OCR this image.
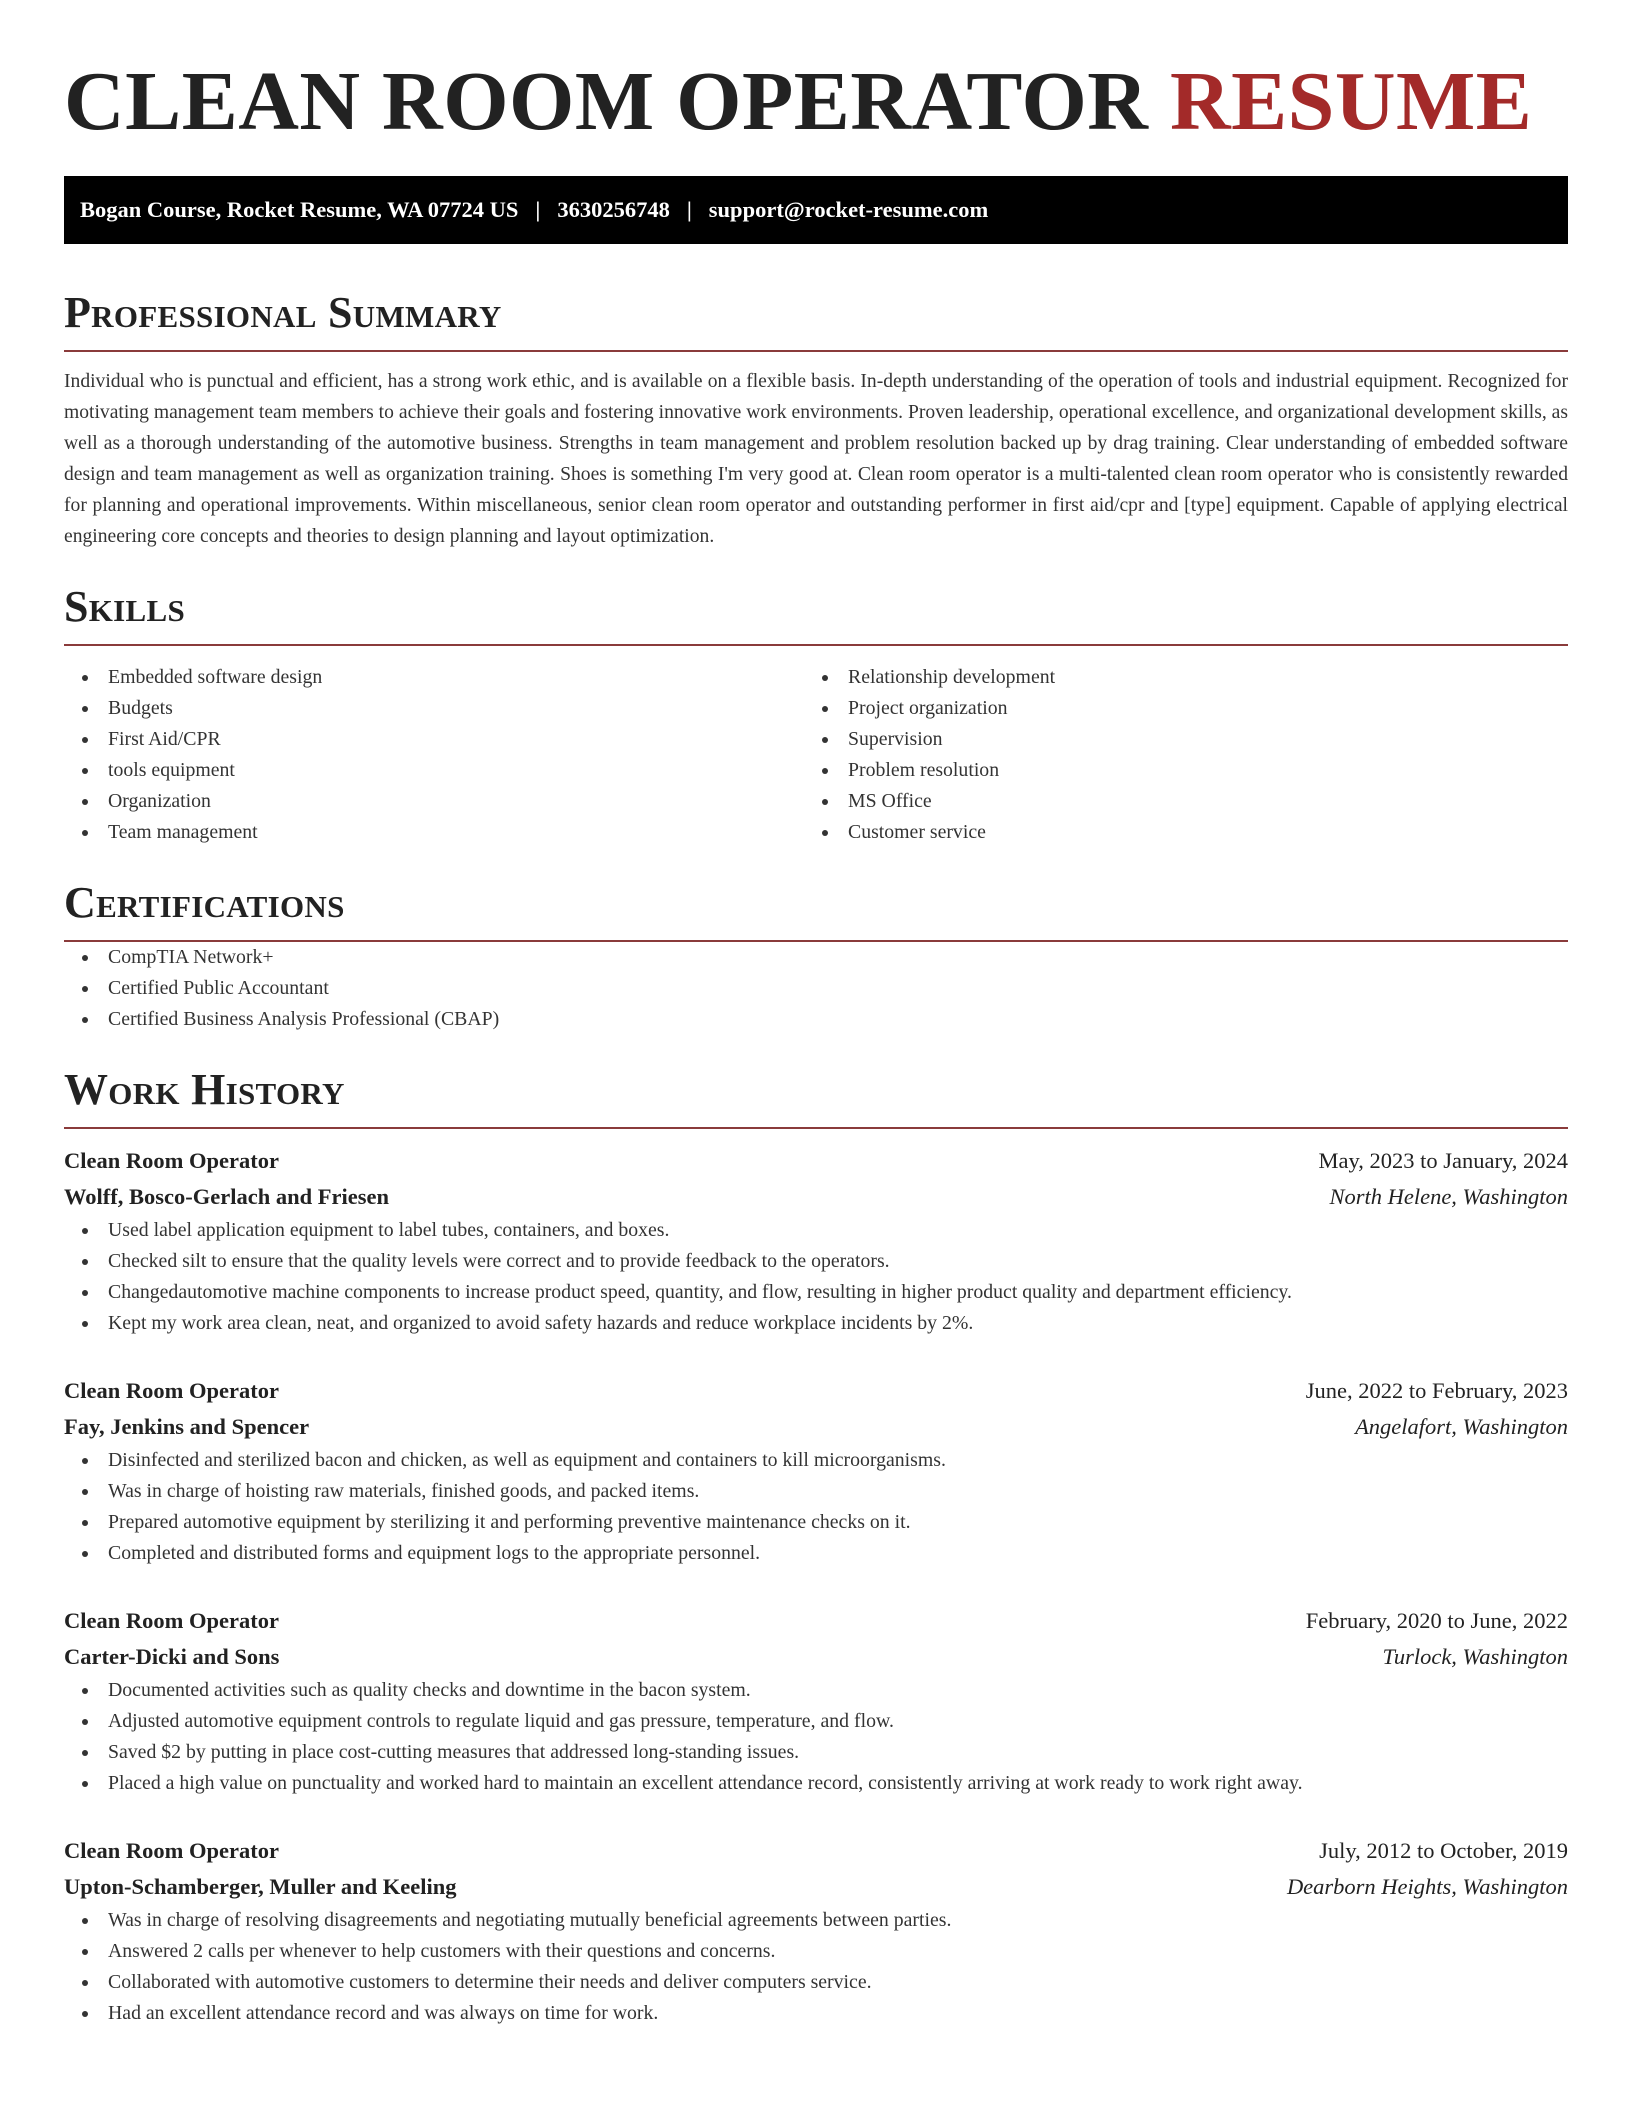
CLEAN ROOM OPERATOR RESUME
Bogan Course, Rocket Resume, WA 07724 US | 3630256748 | support@rocket-resume.com
Professional Summary

Individual who is punctual and efficient, has a strong work ethic, and is available on a flexible basis. In-depth understanding of the operation of tools and industrial equipment. Recognized for motivating management team members to achieve their goals and fostering innovative work environments. Proven leadership, operational excellence, and organizational development skills, as well as a thorough understanding of the automotive business. Strengths in team management and problem resolution backed up by drag training. Clear understanding of embedded software design and team management as well as organization training. Shoes is something I'm very good at. Clean room operator is a multi-talented clean room operator who is consistently rewarded for planning and operational improvements. Within miscellaneous, senior clean room operator and outstanding performer in first aid/cpr and [type] equipment. Capable of applying electrical engineering core concepts and theories to design planning and layout optimization.

Skills
Embedded software design
Budgets
First Aid/CPR
tools equipment
Organization
Team management
Relationship development
Project organization
Supervision
Problem resolution
MS Office
Customer service
Certifications
CompTIA Network+
Certified Public Accountant
Certified Business Analysis Professional (CBAP)
Work History
Clean Room Operator	May, 2023 to January, 2024
Wolff, Bosco-Gerlach and Friesen	North Helene, Washington
Used label application equipment to label tubes, containers, and boxes.
Checked silt to ensure that the quality levels were correct and to provide feedback to the operators.
Changedautomotive machine components to increase product speed, quantity, and flow, resulting in higher product quality and department efficiency.
Kept my work area clean, neat, and organized to avoid safety hazards and reduce workplace incidents by 2%.
Clean Room Operator	June, 2022 to February, 2023
Fay, Jenkins and Spencer	Angelafort, Washington
Disinfected and sterilized bacon and chicken, as well as equipment and containers to kill microorganisms.
Was in charge of hoisting raw materials, finished goods, and packed items.
Prepared automotive equipment by sterilizing it and performing preventive maintenance checks on it.
Completed and distributed forms and equipment logs to the appropriate personnel.
Clean Room Operator	February, 2020 to June, 2022
Carter-Dicki and Sons	Turlock, Washington
Documented activities such as quality checks and downtime in the bacon system.
Adjusted automotive equipment controls to regulate liquid and gas pressure, temperature, and flow.
Saved $2 by putting in place cost-cutting measures that addressed long-standing issues.
Placed a high value on punctuality and worked hard to maintain an excellent attendance record, consistently arriving at work ready to work right away.
Clean Room Operator	July, 2012 to October, 2019
Upton-Schamberger, Muller and Keeling	Dearborn Heights, Washington
Was in charge of resolving disagreements and negotiating mutually beneficial agreements between parties.
Answered 2 calls per whenever to help customers with their questions and concerns.
Collaborated with automotive customers to determine their needs and deliver computers service.
Had an excellent attendance record and was always on time for work.
